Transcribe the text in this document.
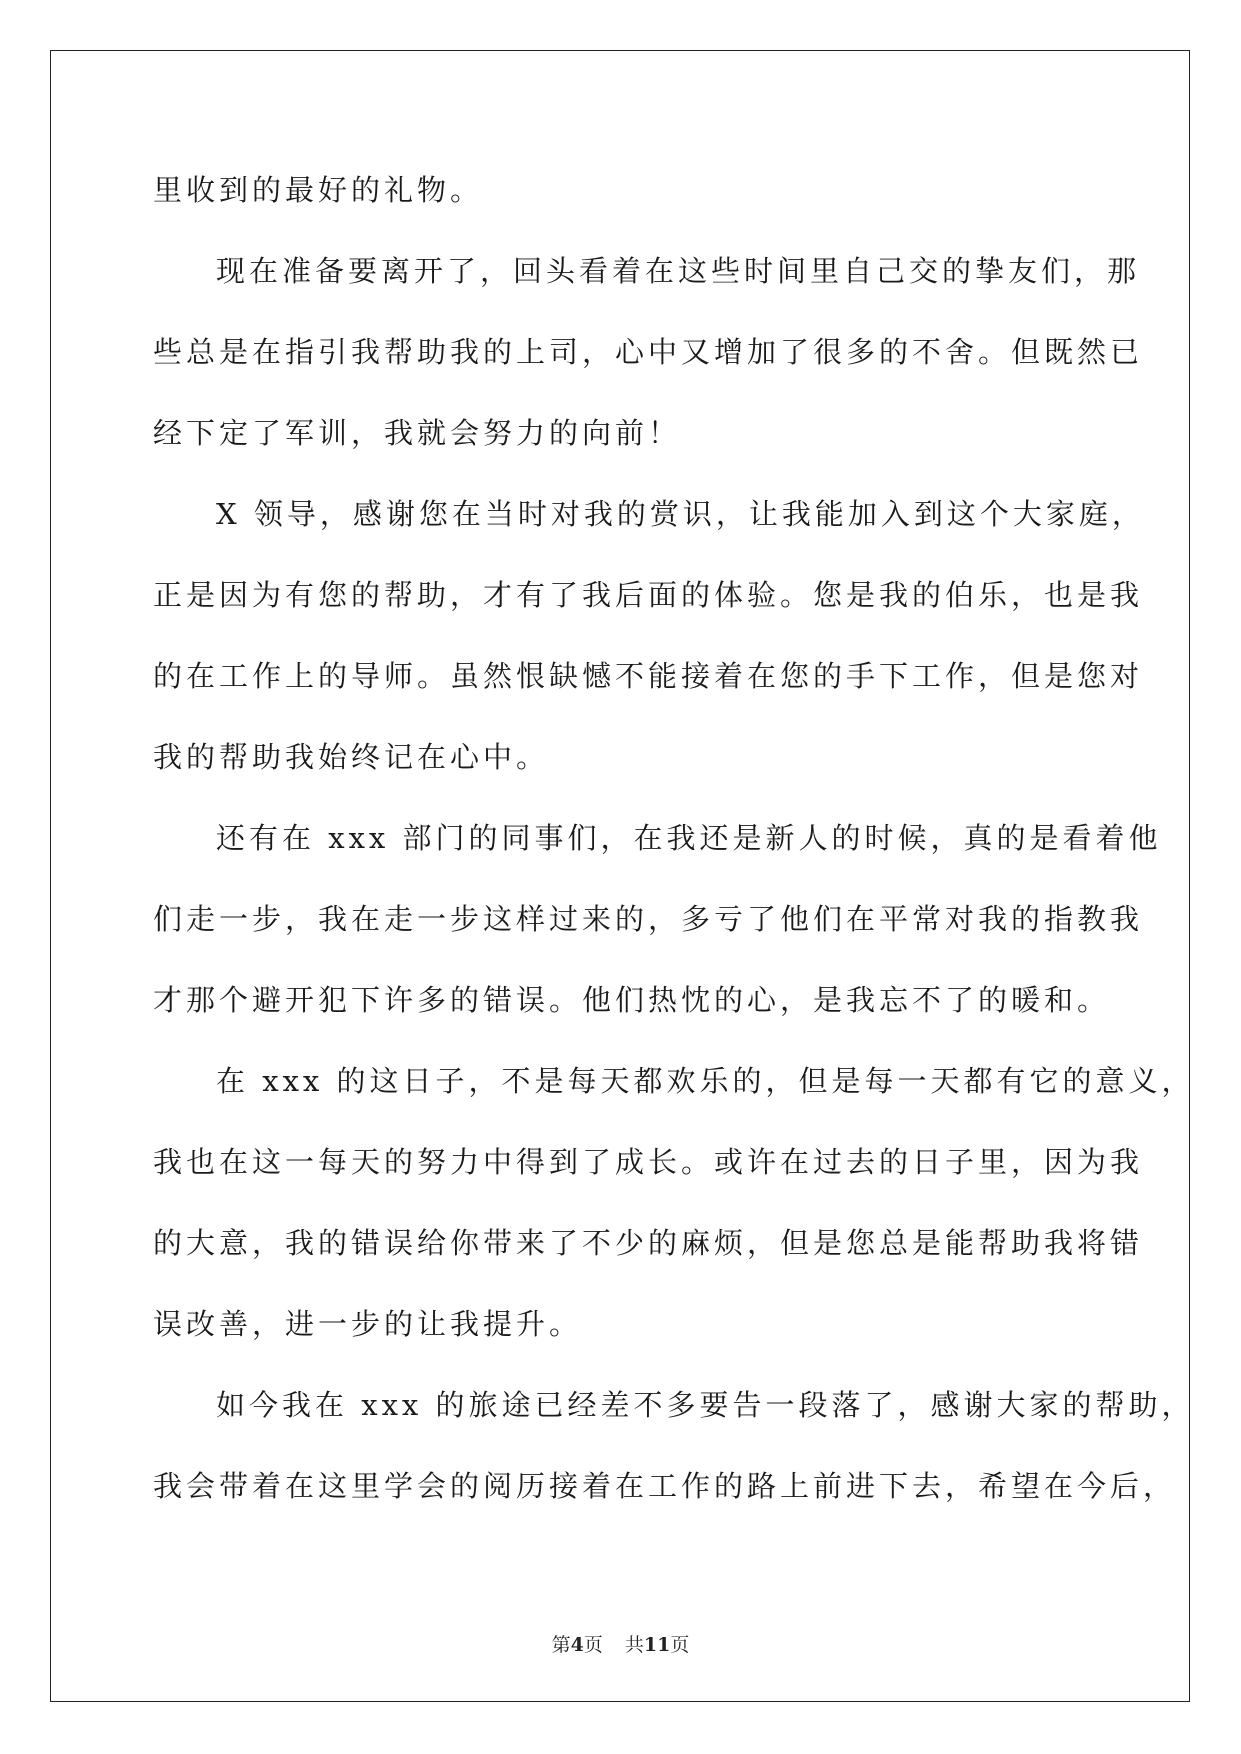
里收到的最好的礼物。
现在准备要离开了，回头看着在这些时间里自己交的挚友们，那
些总是在指引我帮助我的上司，心中又增加了很多的不舍。但既然已
经下定了军训，我就会努力的向前！
X 领导，感谢您在当时对我的赏识，让我能加入到这个大家庭，
正是因为有您的帮助，才有了我后面的体验。您是我的伯乐，也是我
的在工作上的导师。虽然恨缺憾不能接着在您的手下工作，但是您对
我的帮助我始终记在心中。
还有在 xxx 部门的同事们，在我还是新人的时候，真的是看着他
们走一步，我在走一步这样过来的，多亏了他们在平常对我的指教我
才那个避开犯下许多的错误。他们热忱的心，是我忘不了的暖和。
在 xxx 的这日子，不是每天都欢乐的，但是每一天都有它的意义，
我也在这一每天的努力中得到了成长。或许在过去的日子里，因为我
的大意，我的错误给你带来了不少的麻烦，但是您总是能帮助我将错
误改善，进一步的让我提升。
如今我在 xxx 的旅途已经差不多要告一段落了，感谢大家的帮助，
我会带着在这里学会的阅历接着在工作的路上前进下去，希望在今后，
第4页 共11页
